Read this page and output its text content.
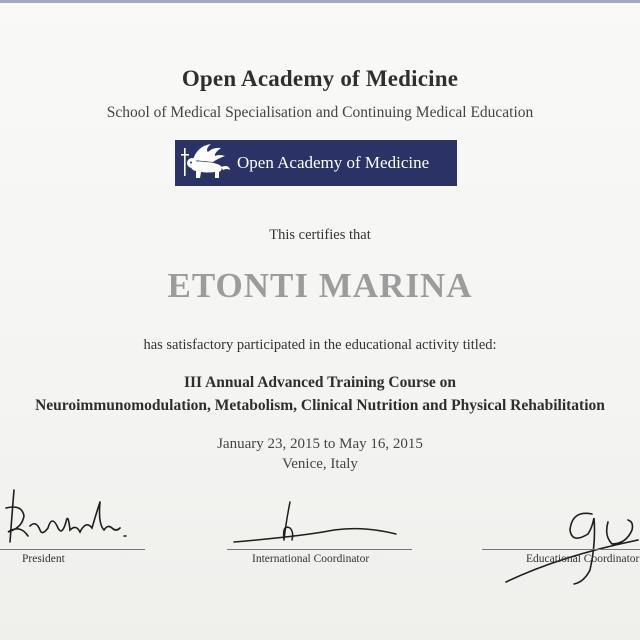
Open Academy of Medicine
School of Medical Specialisation and Continuing Medical Education
Open Academy of Medicine
This certifies that
ETONTI MARINA
has satisfactory participated in the educational activity titled:
III Annual Advanced Training Course on
Neuroimmunomodulation, Metabolism, Clinical Nutrition and Physical Rehabilitation
January 23, 2015 to May 16, 2015
Venice, Italy
President	International Coordinator	Educational Coordinator
